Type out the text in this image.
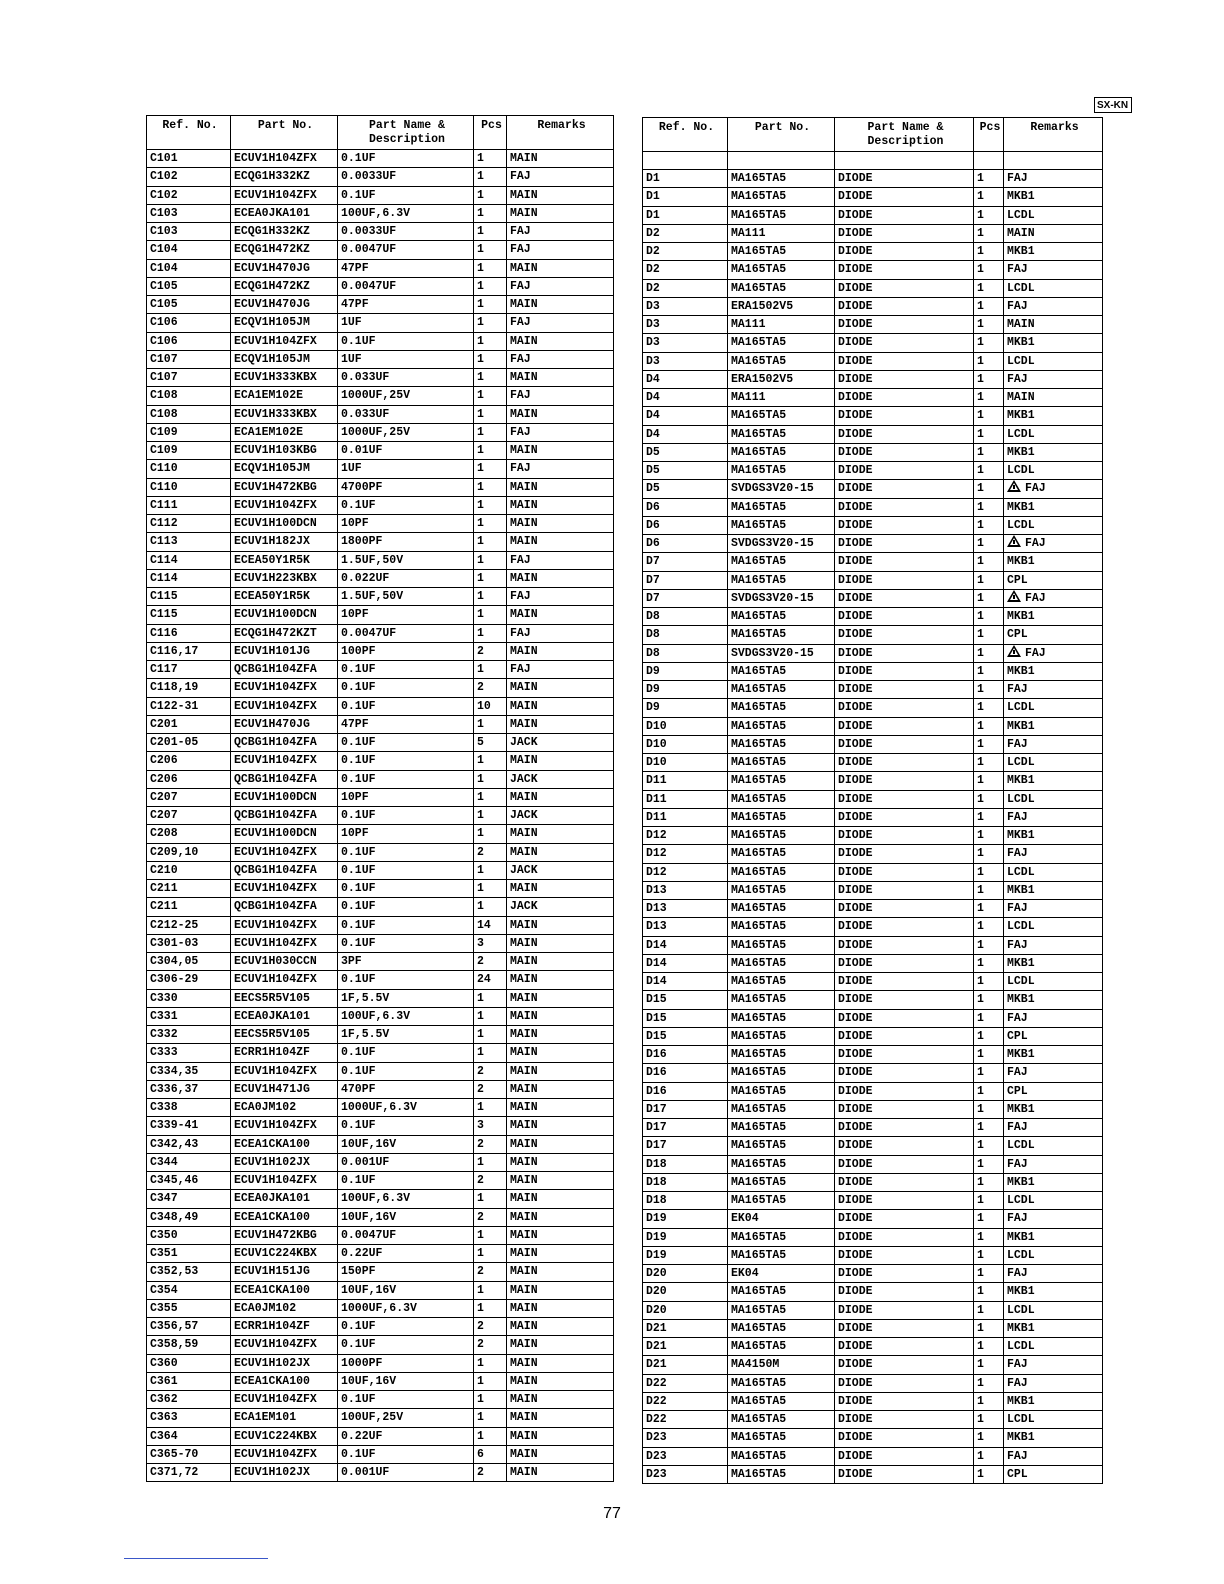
SX-KN
Ref. No.	Part No.	Part Name &
Description	Pcs	Remarks
C101	ECUV1H104ZFX	0.1UF	1	MAIN
C102	ECQG1H332KZ	0.0033UF	1	FAJ
C102	ECUV1H104ZFX	0.1UF	1	MAIN
C103	ECEA0JKA101	100UF,6.3V	1	MAIN
C103	ECQG1H332KZ	0.0033UF	1	FAJ
C104	ECQG1H472KZ	0.0047UF	1	FAJ
C104	ECUV1H470JG	47PF	1	MAIN
C105	ECQG1H472KZ	0.0047UF	1	FAJ
C105	ECUV1H470JG	47PF	1	MAIN
C106	ECQV1H105JM	1UF	1	FAJ
C106	ECUV1H104ZFX	0.1UF	1	MAIN
C107	ECQV1H105JM	1UF	1	FAJ
C107	ECUV1H333KBX	0.033UF	1	MAIN
C108	ECA1EM102E	1000UF,25V	1	FAJ
C108	ECUV1H333KBX	0.033UF	1	MAIN
C109	ECA1EM102E	1000UF,25V	1	FAJ
C109	ECUV1H103KBG	0.01UF	1	MAIN
C110	ECQV1H105JM	1UF	1	FAJ
C110	ECUV1H472KBG	4700PF	1	MAIN
C111	ECUV1H104ZFX	0.1UF	1	MAIN
C112	ECUV1H100DCN	10PF	1	MAIN
C113	ECUV1H182JX	1800PF	1	MAIN
C114	ECEA50Y1R5K	1.5UF,50V	1	FAJ
C114	ECUV1H223KBX	0.022UF	1	MAIN
C115	ECEA50Y1R5K	1.5UF,50V	1	FAJ
C115	ECUV1H100DCN	10PF	1	MAIN
C116	ECQG1H472KZT	0.0047UF	1	FAJ
C116,17	ECUV1H101JG	100PF	2	MAIN
C117	QCBG1H104ZFA	0.1UF	1	FAJ
C118,19	ECUV1H104ZFX	0.1UF	2	MAIN
C122-31	ECUV1H104ZFX	0.1UF	10	MAIN
C201	ECUV1H470JG	47PF	1	MAIN
C201-05	QCBG1H104ZFA	0.1UF	5	JACK
C206	ECUV1H104ZFX	0.1UF	1	MAIN
C206	QCBG1H104ZFA	0.1UF	1	JACK
C207	ECUV1H100DCN	10PF	1	MAIN
C207	QCBG1H104ZFA	0.1UF	1	JACK
C208	ECUV1H100DCN	10PF	1	MAIN
C209,10	ECUV1H104ZFX	0.1UF	2	MAIN
C210	QCBG1H104ZFA	0.1UF	1	JACK
C211	ECUV1H104ZFX	0.1UF	1	MAIN
C211	QCBG1H104ZFA	0.1UF	1	JACK
C212-25	ECUV1H104ZFX	0.1UF	14	MAIN
C301-03	ECUV1H104ZFX	0.1UF	3	MAIN
C304,05	ECUV1H030CCN	3PF	2	MAIN
C306-29	ECUV1H104ZFX	0.1UF	24	MAIN
C330	EECS5R5V105	1F,5.5V	1	MAIN
C331	ECEA0JKA101	100UF,6.3V	1	MAIN
C332	EECS5R5V105	1F,5.5V	1	MAIN
C333	ECRR1H104ZF	0.1UF	1	MAIN
C334,35	ECUV1H104ZFX	0.1UF	2	MAIN
C336,37	ECUV1H471JG	470PF	2	MAIN
C338	ECA0JM102	1000UF,6.3V	1	MAIN
C339-41	ECUV1H104ZFX	0.1UF	3	MAIN
C342,43	ECEA1CKA100	10UF,16V	2	MAIN
C344	ECUV1H102JX	0.001UF	1	MAIN
C345,46	ECUV1H104ZFX	0.1UF	2	MAIN
C347	ECEA0JKA101	100UF,6.3V	1	MAIN
C348,49	ECEA1CKA100	10UF,16V	2	MAIN
C350	ECUV1H472KBG	0.0047UF	1	MAIN
C351	ECUV1C224KBX	0.22UF	1	MAIN
C352,53	ECUV1H151JG	150PF	2	MAIN
C354	ECEA1CKA100	10UF,16V	1	MAIN
C355	ECA0JM102	1000UF,6.3V	1	MAIN
C356,57	ECRR1H104ZF	0.1UF	2	MAIN
C358,59	ECUV1H104ZFX	0.1UF	2	MAIN
C360	ECUV1H102JX	1000PF	1	MAIN
C361	ECEA1CKA100	10UF,16V	1	MAIN
C362	ECUV1H104ZFX	0.1UF	1	MAIN
C363	ECA1EM101	100UF,25V	1	MAIN
C364	ECUV1C224KBX	0.22UF	1	MAIN
C365-70	ECUV1H104ZFX	0.1UF	6	MAIN
C371,72	ECUV1H102JX	0.001UF	2	MAIN
Ref. No.	Part No.	Part Name &
Description	Pcs	Remarks

D1	MA165TA5	DIODE	1	FAJ
D1	MA165TA5	DIODE	1	MKB1
D1	MA165TA5	DIODE	1	LCDL
D2	MA111	DIODE	1	MAIN
D2	MA165TA5	DIODE	1	MKB1
D2	MA165TA5	DIODE	1	FAJ
D2	MA165TA5	DIODE	1	LCDL
D3	ERA1502V5	DIODE	1	FAJ
D3	MA111	DIODE	1	MAIN
D3	MA165TA5	DIODE	1	MKB1
D3	MA165TA5	DIODE	1	LCDL
D4	ERA1502V5	DIODE	1	FAJ
D4	MA111	DIODE	1	MAIN
D4	MA165TA5	DIODE	1	MKB1
D4	MA165TA5	DIODE	1	LCDL
D5	MA165TA5	DIODE	1	MKB1
D5	MA165TA5	DIODE	1	LCDL
D5	SVDGS3V20-15	DIODE	1	FAJ
D6	MA165TA5	DIODE	1	MKB1
D6	MA165TA5	DIODE	1	LCDL
D6	SVDGS3V20-15	DIODE	1	FAJ
D7	MA165TA5	DIODE	1	MKB1
D7	MA165TA5	DIODE	1	CPL
D7	SVDGS3V20-15	DIODE	1	FAJ
D8	MA165TA5	DIODE	1	MKB1
D8	MA165TA5	DIODE	1	CPL
D8	SVDGS3V20-15	DIODE	1	FAJ
D9	MA165TA5	DIODE	1	MKB1
D9	MA165TA5	DIODE	1	FAJ
D9	MA165TA5	DIODE	1	LCDL
D10	MA165TA5	DIODE	1	MKB1
D10	MA165TA5	DIODE	1	FAJ
D10	MA165TA5	DIODE	1	LCDL
D11	MA165TA5	DIODE	1	MKB1
D11	MA165TA5	DIODE	1	LCDL
D11	MA165TA5	DIODE	1	FAJ
D12	MA165TA5	DIODE	1	MKB1
D12	MA165TA5	DIODE	1	FAJ
D12	MA165TA5	DIODE	1	LCDL
D13	MA165TA5	DIODE	1	MKB1
D13	MA165TA5	DIODE	1	FAJ
D13	MA165TA5	DIODE	1	LCDL
D14	MA165TA5	DIODE	1	FAJ
D14	MA165TA5	DIODE	1	MKB1
D14	MA165TA5	DIODE	1	LCDL
D15	MA165TA5	DIODE	1	MKB1
D15	MA165TA5	DIODE	1	FAJ
D15	MA165TA5	DIODE	1	CPL
D16	MA165TA5	DIODE	1	MKB1
D16	MA165TA5	DIODE	1	FAJ
D16	MA165TA5	DIODE	1	CPL
D17	MA165TA5	DIODE	1	MKB1
D17	MA165TA5	DIODE	1	FAJ
D17	MA165TA5	DIODE	1	LCDL
D18	MA165TA5	DIODE	1	FAJ
D18	MA165TA5	DIODE	1	MKB1
D18	MA165TA5	DIODE	1	LCDL
D19	EK04	DIODE	1	FAJ
D19	MA165TA5	DIODE	1	MKB1
D19	MA165TA5	DIODE	1	LCDL
D20	EK04	DIODE	1	FAJ
D20	MA165TA5	DIODE	1	MKB1
D20	MA165TA5	DIODE	1	LCDL
D21	MA165TA5	DIODE	1	MKB1
D21	MA165TA5	DIODE	1	LCDL
D21	MA4150M	DIODE	1	FAJ
D22	MA165TA5	DIODE	1	FAJ
D22	MA165TA5	DIODE	1	MKB1
D22	MA165TA5	DIODE	1	LCDL
D23	MA165TA5	DIODE	1	MKB1
D23	MA165TA5	DIODE	1	FAJ
D23	MA165TA5	DIODE	1	CPL
77
